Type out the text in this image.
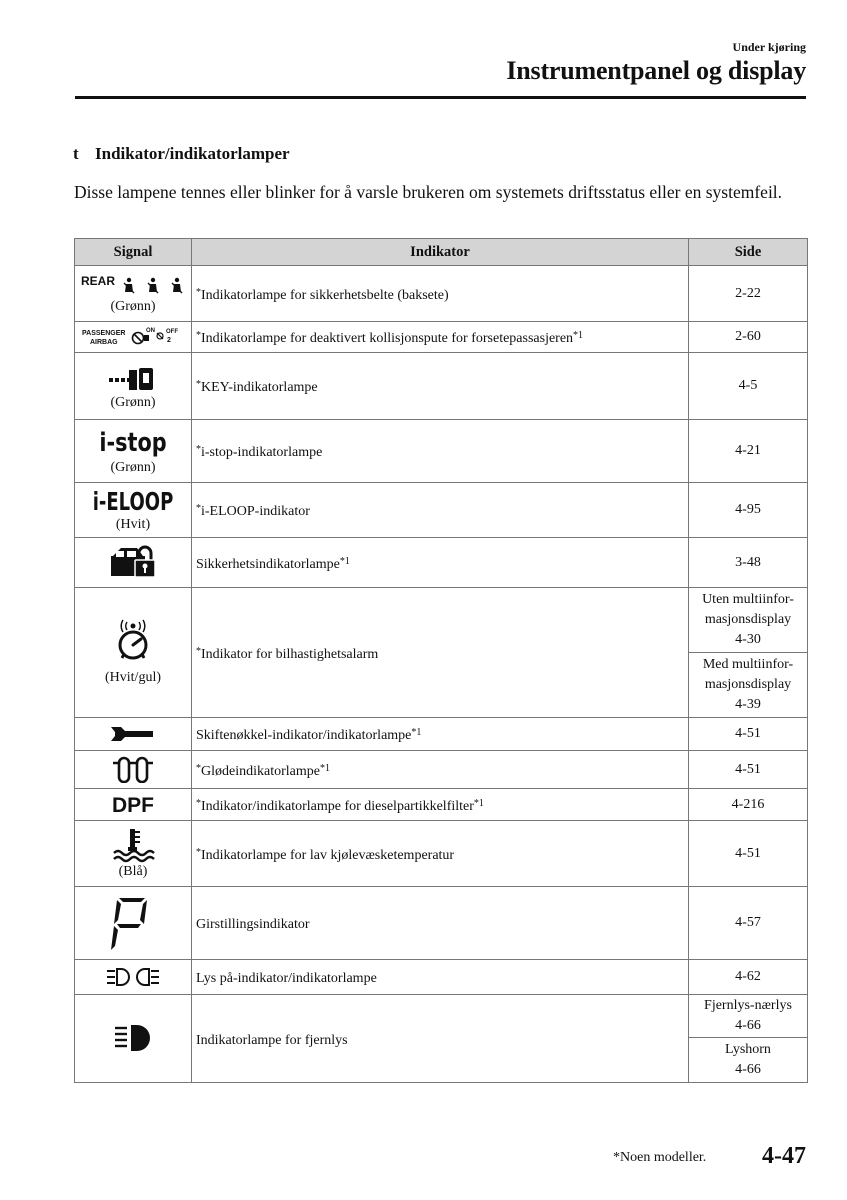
Under kjøring
Instrumentpanel og display
t Indikator/indikatorlamper

Disse lampene tennes eller blinker for å varsle brukeren om systemets driftsstatus eller en systemfeil.

Signal	Indikator	Side

REAR
(Grønn)	*Indikatorlampe for sikkerhetsbelte (baksete)	2-22

PASSENGER
AIRBAG
ON OFF
2	*Indikatorlampe for deaktivert kollisjonspute for forsetepassasjeren$^{*1}$	2-60

(Grønn)	*KEY-indikatorlampe	4-5

i-stop
(Grønn)	*i-stop-indikatorlampe	4-21

i-ELOOP
(Hvit)	*i-ELOOP-indikator	4-95

	Sikkerhetsindikatorlampe$^{*1}$	3-48

(Hvit/gul)	*Indikator for bilhastighetsalarm	Uten multiinfor-
masjonsdisplay
4-30

		Med multiinfor-
masjonsdisplay
4-39

	Skiftenøkkel-indikator/indikatorlampe$^{*1}$	4-51

	*Glødeindikatorlampe$^{*1}$	4-51

DPF	*Indikator/indikatorlampe for dieselpartikkelfilter$^{*1}$	4-216

(Blå)	*Indikatorlampe for lav kjølevæsketemperatur	4-51

	Girstillingsindikator	4-57

	Lys på-indikator/indikatorlampe	4-62

	Indikatorlampe for fjernlys	Fjernlys-nærlys
4-66

		Lyshorn
4-66
*Noen modeller. 4-47
